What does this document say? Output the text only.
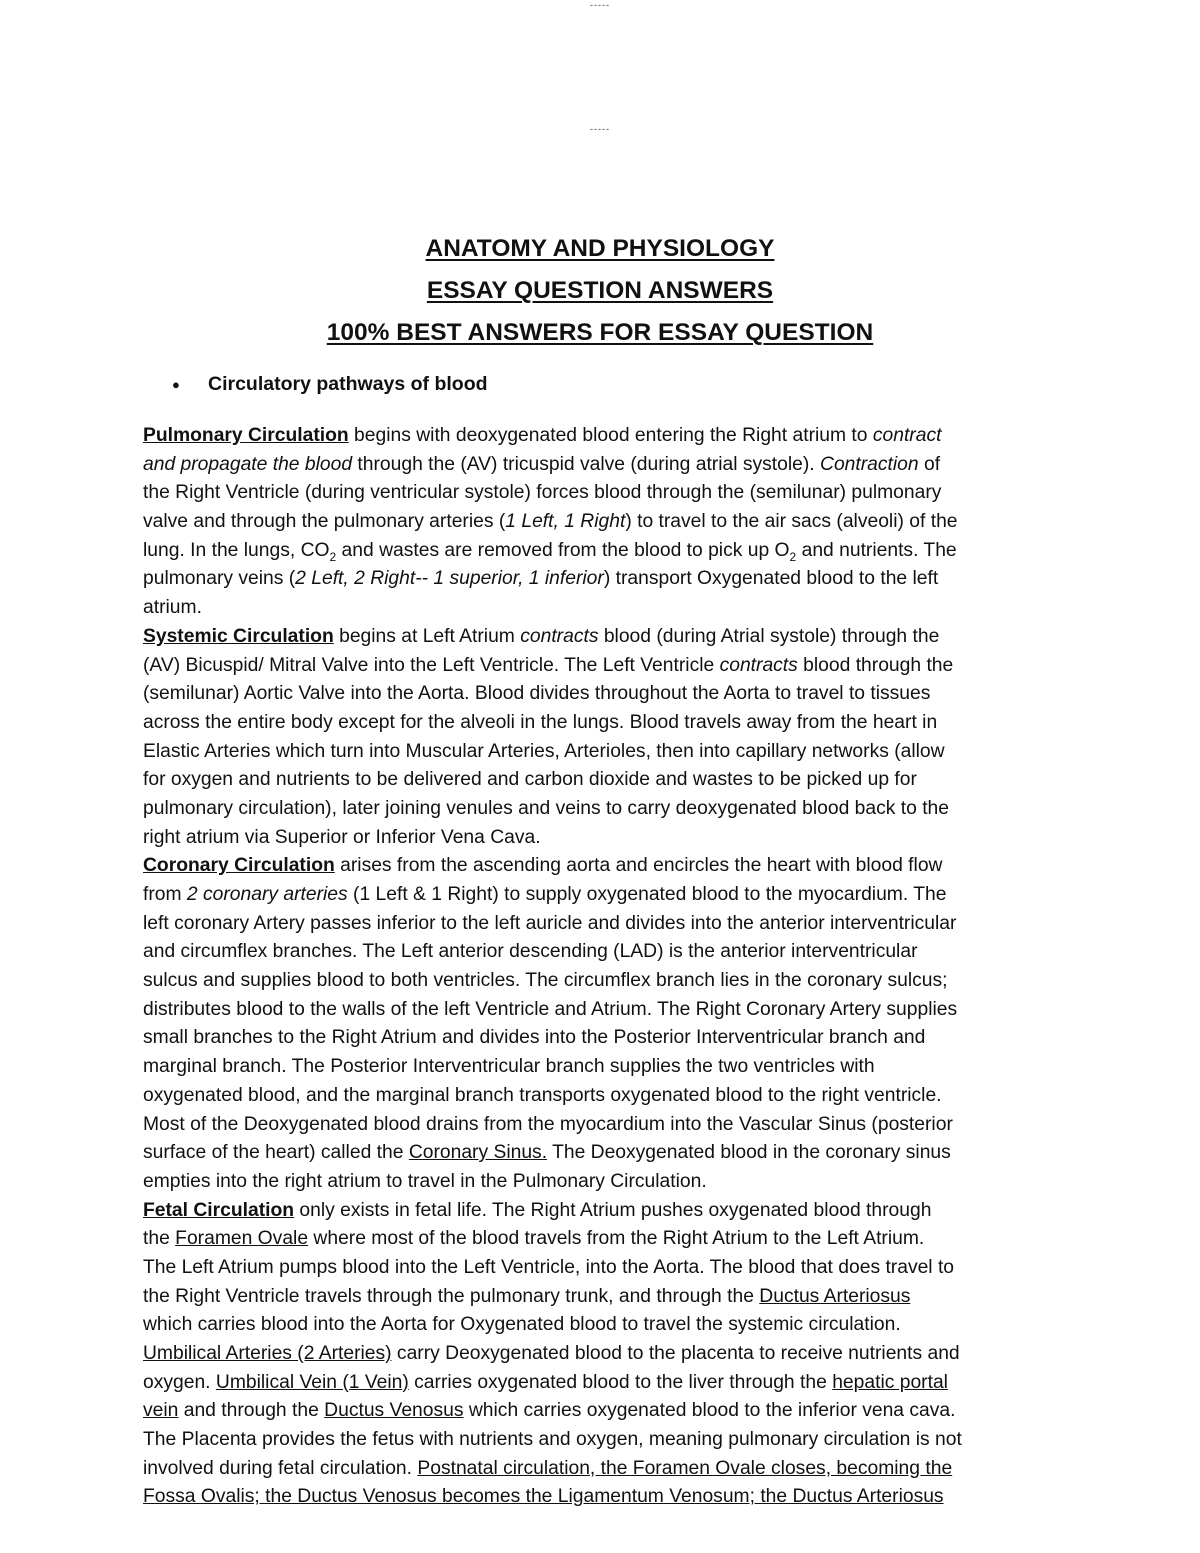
-----
-----
ANATOMY AND PHYSIOLOGY
ESSAY QUESTION ANSWERS
100% BEST ANSWERS FOR ESSAY QUESTION
● Circulatory pathways of blood
Pulmonary Circulation begins with deoxygenated blood entering the Right atrium to contract
and propagate the blood through the (AV) tricuspid valve (during atrial systole). Contraction of
the Right Ventricle (during ventricular systole) forces blood through the (semilunar) pulmonary
valve and through the pulmonary arteries (1 Left, 1 Right) to travel to the air sacs (alveoli) of the
lung. In the lungs, $CO_2$ and wastes are removed from the blood to pick up $O_2$ and nutrients. The
pulmonary veins (2 Left, 2 Right-- 1 superior, 1 inferior) transport Oxygenated blood to the left
atrium.
Systemic Circulation begins at Left Atrium contracts blood (during Atrial systole) through the
(AV) Bicuspid/ Mitral Valve into the Left Ventricle. The Left Ventricle contracts blood through the
(semilunar) Aortic Valve into the Aorta. Blood divides throughout the Aorta to travel to tissues
across the entire body except for the alveoli in the lungs. Blood travels away from the heart in
Elastic Arteries which turn into Muscular Arteries, Arterioles, then into capillary networks (allow
for oxygen and nutrients to be delivered and carbon dioxide and wastes to be picked up for
pulmonary circulation), later joining venules and veins to carry deoxygenated blood back to the
right atrium via Superior or Inferior Vena Cava.
Coronary Circulation arises from the ascending aorta and encircles the heart with blood flow
from 2 coronary arteries (1 Left & 1 Right) to supply oxygenated blood to the myocardium. The
left coronary Artery passes inferior to the left auricle and divides into the anterior interventricular
and circumflex branches. The Left anterior descending (LAD) is the anterior interventricular
sulcus and supplies blood to both ventricles. The circumflex branch lies in the coronary sulcus;
distributes blood to the walls of the left Ventricle and Atrium. The Right Coronary Artery supplies
small branches to the Right Atrium and divides into the Posterior Interventricular branch and
marginal branch. The Posterior Interventricular branch supplies the two ventricles with
oxygenated blood, and the marginal branch transports oxygenated blood to the right ventricle.
Most of the Deoxygenated blood drains from the myocardium into the Vascular Sinus (posterior
surface of the heart) called the Coronary Sinus. The Deoxygenated blood in the coronary sinus
empties into the right atrium to travel in the Pulmonary Circulation.
Fetal Circulation only exists in fetal life. The Right Atrium pushes oxygenated blood through
the Foramen Ovale where most of the blood travels from the Right Atrium to the Left Atrium.
The Left Atrium pumps blood into the Left Ventricle, into the Aorta. The blood that does travel to
the Right Ventricle travels through the pulmonary trunk, and through the Ductus Arteriosus
which carries blood into the Aorta for Oxygenated blood to travel the systemic circulation.
Umbilical Arteries (2 Arteries) carry Deoxygenated blood to the placenta to receive nutrients and
oxygen. Umbilical Vein (1 Vein) carries oxygenated blood to the liver through the hepatic portal
vein and through the Ductus Venosus which carries oxygenated blood to the inferior vena cava.
The Placenta provides the fetus with nutrients and oxygen, meaning pulmonary circulation is not
involved during fetal circulation. Postnatal circulation, the Foramen Ovale closes, becoming the
Fossa Ovalis; the Ductus Venosus becomes the Ligamentum Venosum; the Ductus Arteriosus
